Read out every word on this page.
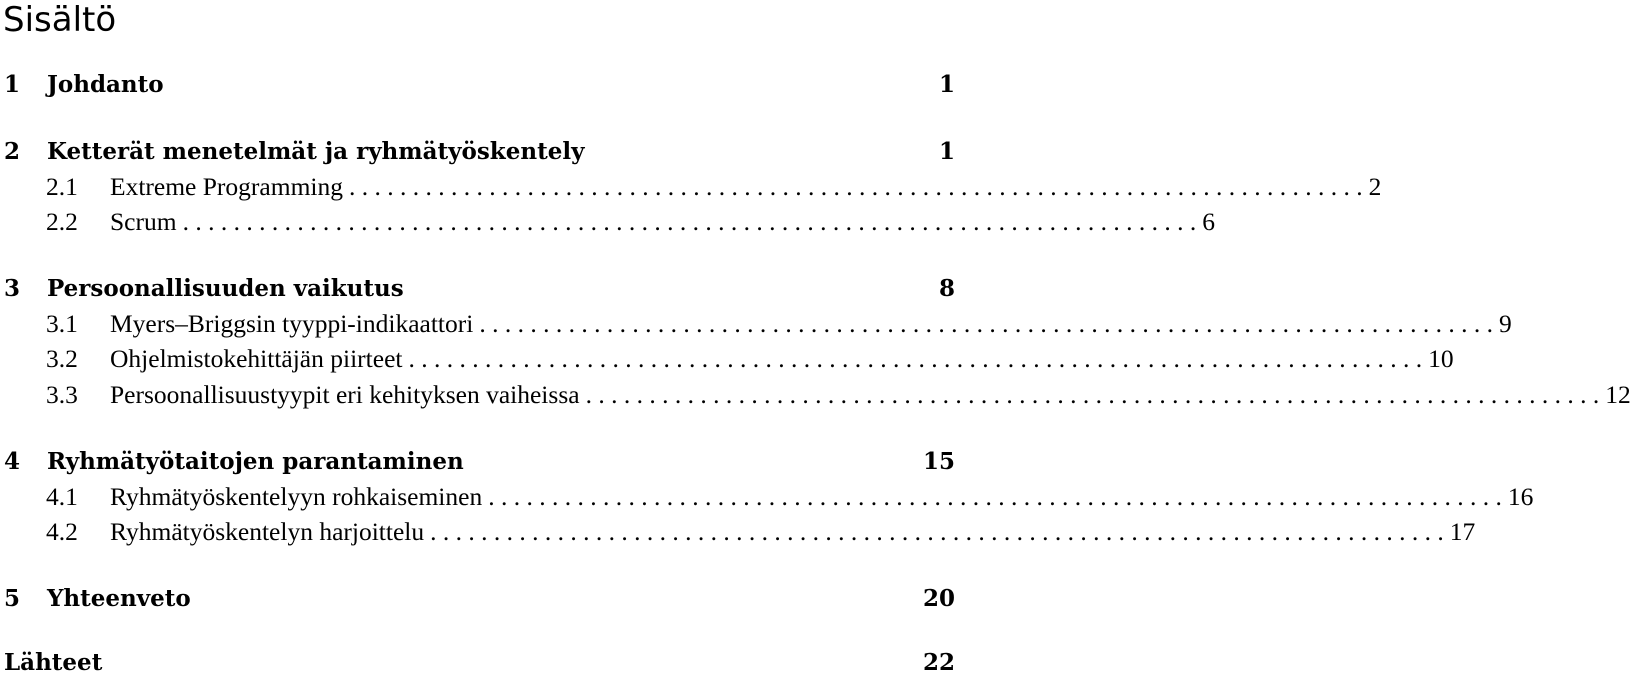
Sisältö
1	Johdanto	1
2	Ketterät menetelmät ja ryhmätyöskentely	1
2.1	Extreme Programming . . . . . . . . . . . . . . . . . . . . . . . . . . . . . . . . . . . . . . . . . . . . . . . . . . . . . . . . . . . . . . . . . . . . . . . . . . . . . . . . 2
2.2	Scrum . . . . . . . . . . . . . . . . . . . . . . . . . . . . . . . . . . . . . . . . . . . . . . . . . . . . . . . . . . . . . . . . . . . . . . . . . . . . . . . . 6
3	Persoonallisuuden vaikutus	8
3.1	Myers–Briggsin tyyppi-indikaattori . . . . . . . . . . . . . . . . . . . . . . . . . . . . . . . . . . . . . . . . . . . . . . . . . . . . . . . . . . . . . . . . . . . . . . . . . . . . . . . . 9
3.2	Ohjelmistokehittäjän piirteet . . . . . . . . . . . . . . . . . . . . . . . . . . . . . . . . . . . . . . . . . . . . . . . . . . . . . . . . . . . . . . . . . . . . . . . . . . . . . . . . 10
3.3	Persoonallisuustyypit eri kehityksen vaiheissa . . . . . . . . . . . . . . . . . . . . . . . . . . . . . . . . . . . . . . . . . . . . . . . . . . . . . . . . . . . . . . . . . . . . . . . . . . . . . . . . 12
4	Ryhmätyötaitojen parantaminen	15
4.1	Ryhmätyöskentelyyn rohkaiseminen . . . . . . . . . . . . . . . . . . . . . . . . . . . . . . . . . . . . . . . . . . . . . . . . . . . . . . . . . . . . . . . . . . . . . . . . . . . . . . . . 16
4.2	Ryhmätyöskentelyn harjoittelu . . . . . . . . . . . . . . . . . . . . . . . . . . . . . . . . . . . . . . . . . . . . . . . . . . . . . . . . . . . . . . . . . . . . . . . . . . . . . . . . 17
5	Yhteenveto	20
Lähteet	22
